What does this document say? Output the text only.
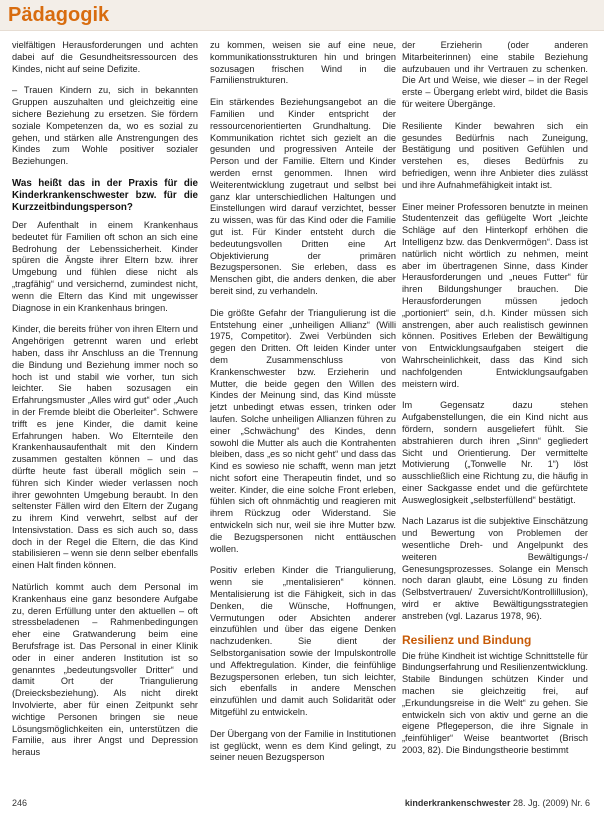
Pädagogik

vielfältigen Herausforderungen und achten dabei auf die Gesundheitsressourcen des Kindes, nicht auf seine Defizite.

– Trauen Kindern zu, sich in bekannten Gruppen auszuhalten und gleichzeitig eine sichere Beziehung zu ersetzen. Sie fördern soziale Kompetenzen da, wo es sozial zu gehen, und stärken alle Anstrengungen des Kindes zum Wohle positiver sozialer Beziehungen.

Was heißt das in der Praxis für die Kinderkrankenschwester bzw. für die Kurzzeitbindungsperson?

Der Aufenthalt in einem Krankenhaus bedeutet für Familien oft schon an sich eine Bedrohung der Lebenssicherheit. Kinder spüren die Ängste ihrer Eltern bzw. ihrer Umgebung und fühlen diese nicht als „tragfähig“ und versichernd, zumindest nicht, wenn die Eltern das Kind mit ungewisser Diagnose in ein Krankenhaus bringen.

Kinder, die bereits früher von ihren Eltern und Angehörigen getrennt waren und erlebt haben, dass ihr Anschluss an die Trennung die Bindung und Beziehung immer noch so hoch ist und stabil wie vorher, tun sich leichter. Sie haben sozusagen ein Erfahrungsmuster „Alles wird gut“ oder „Auch in der Fremde bleibt die Oberleiter“. Schwere trifft es jene Kinder, die damit keine Erfahrungen haben. Wo Elternteile den Krankenhausaufenthalt mit den Kindern zusammen gestalten können – und das dürfte heute fast überall möglich sein – führen sich Kinder wieder verlassen noch ihrer gewohnten Umgebung beraubt. In den seltenster Fällen wird den Eltern der Zugang zu ihrem Kind verwehrt, selbst auf der Intensivstation. Dass es sich auch so, dass doch in der Regel die Eltern, die das Kind stabilisieren – wenn sie denn selber ebenfalls einen Halt finden können.

Natürlich kommt auch dem Personal im Krankenhaus eine ganz besondere Aufgabe zu, deren Erfüllung unter den aktuellen – oft stressbeladenen – Rahmenbedingungen eher eine Gratwanderung beim eine Berufsfrage ist. Das Personal in einer Klinik oder in einer anderen Institution ist so genanntes „bedeutungsvoller Dritter“ und damit Ort der Triangulierung (Dreiecksbeziehung). Als nicht direkt Involvierte, aber für einen Zeitpunkt sehr wichtige Personen bringen sie neue Lösungsmöglichkeiten ein, unterstützen die Familie, aus ihrer Angst und Depression heraus

zu kommen, weisen sie auf eine neue, kommunikationsstrukturen hin und bringen sozusagen frischen Wind in die Familienstrukturen.

Ein stärkendes Beziehungsangebot an die Familien und Kinder entspricht der ressourcenorientierten Grundhaltung. Die Kommunikation richtet sich gezielt an die gesunden und progressiven Anteile der Person und der Familie. Eltern und Kinder werden ernst genommen. Ihnen wird Weiterentwicklung zugetraut und selbst bei ganz klar unterschiedlichen Haltungen und Einstellungen wird darauf verzichtet, besser zu wissen, was für das Kind oder die Familie gut ist. Für Kinder entsteht durch die bedeutungsvollen Dritten eine Art Objektivierung der primären Bezugspersonen. Sie erleben, dass es Menschen gibt, die anders denken, die aber bereit sind, zu verhandeln.

Die größte Gefahr der Triangulierung ist die Entstehung einer „unheiligen Allianz“ (Willi 1975, Competitor). Zwei Verbünden sich gegen den Dritten. Oft leiden Kinder unter dem Zusammenschluss von Krankenschwester bzw. Erzieherin und Mutter, die beide gegen den Willen des Kindes der Meinung sind, das Kind müsste jetzt unbedingt etwas essen, trinken oder laufen. Solche unheiligen Allianzen führen zu einer „Schwächung“ des Kindes, denn sowohl die Mutter als auch die Kontrahenten bleiben, dass „es so nicht geht“ und dass das Kind es sowieso nie schafft, wenn man jetzt nicht sofort eine Therapeutin findet, und so weiter. Kinder, die eine solche Front erleben, fühlen sich oft ohnmächtig und reagieren mit ihrem Rückzug oder Widerstand. Sie entwickeln sich nur, weil sie ihre Mutter bzw. die Bezugspersonen nicht enttäuschen wollen.

Positiv erleben Kinder die Triangulierung, wenn sie „mentalisieren“ können. Mentalisierung ist die Fähigkeit, sich in das Denken, die Wünsche, Hoffnungen, Vermutungen oder Absichten anderer einzufühlen und über das eigene Denken nachzudenken. Sie dient der Selbstorganisation sowie der Impulskontrolle und Affektregulation. Kinder, die feinfühlige Bezugspersonen erleben, tun sich leichter, sich ebenfalls in andere Menschen einzufühlen und damit auch Solidarität oder Mitgefühl zu entwickeln.

Der Übergang von der Familie in Institutionen ist geglückt, wenn es dem Kind gelingt, zu seiner neuen Bezugsperson

der Erzieherin (oder anderen Mitarbeiterinnen) eine stabile Beziehung aufzubauen und ihr Vertrauen zu schenken. Die Art und Weise, wie dieser – in der Regel erste – Übergang erlebt wird, bildet die Basis für weitere Übergänge.

Resiliente Kinder bewahren sich ein gesundes Bedürfnis nach Zuneigung, Bestätigung und positiven Gefühlen und verstehen es, dieses Bedürfnis zu befriedigen, wenn ihre Anbieter dies zulässt und ihre Aufnahmefähigkeit intakt ist.

Einer meiner Professoren benutzte in meinen Studentenzeit das geflügelte Wort „leichte Schläge auf den Hinterkopf erhöhen die Intelligenz bzw. das Denkvermögen“. Dass ist natürlich nicht wörtlich zu nehmen, meint aber im übertragenen Sinne, dass Kinder Herausforderungen und „neues Futter“ für ihren Bildungshunger brauchen. Die Herausforderungen müssen jedoch „portioniert“ sein, d.h. Kinder müssen sich anstrengen, aber auch realistisch gewinnen können. Positives Erleben der Bewältigung von Entwicklungsaufgaben steigert die Wahrscheinlichkeit, dass das Kind sich nachfolgenden Entwicklungsaufgaben meistern wird.

Im Gegensatz dazu stehen Aufgabenstellungen, die ein Kind nicht aus fördern, sondern ausgeliefert fühlt. Sie abstrahieren durch ihren „Sinn“ gegliedert Sicht und Orientierung. Der vermittelte Motivierung („Tonwelle Nr. 1“) löst ausschließlich eine Richtung zu, die häufig in einer Sackgasse endet und die gefürchtete Ausweglosigkeit „selbsterfüllend“ bestätigt.

Nach Lazarus ist die subjektive Einschätzung und Bewertung von Problemen der wesentliche Dreh- und Angelpunkt des weiteren Bewältigungs-/ Genesungsprozesses. Solange ein Mensch noch daran glaubt, eine Lösung zu finden (Selbstvertrauen/ Zuversicht/Kontrollillusion), wird er aktive Bewältigungsstrategien anstreben (vgl. Lazarus 1978, 96).

Resilienz und Bindung

Die frühe Kindheit ist wichtige Schnittstelle für Bindungserfahrung und Resilienzentwicklung. Stabile Bindungen schützen Kinder und machen sie gleichzeitig frei, auf „Erkundungsreise in die Welt“ zu gehen. Sie entwickeln sich von aktiv und gerne an die eigene Pflegeperson, die ihre Signale in „feinfühliger“ Weise beantwortet (Brisch 2003, 82). Die Bindungstheorie bestimmt

246	kinderkrankenschwester 28. Jg. (2009) Nr. 6
